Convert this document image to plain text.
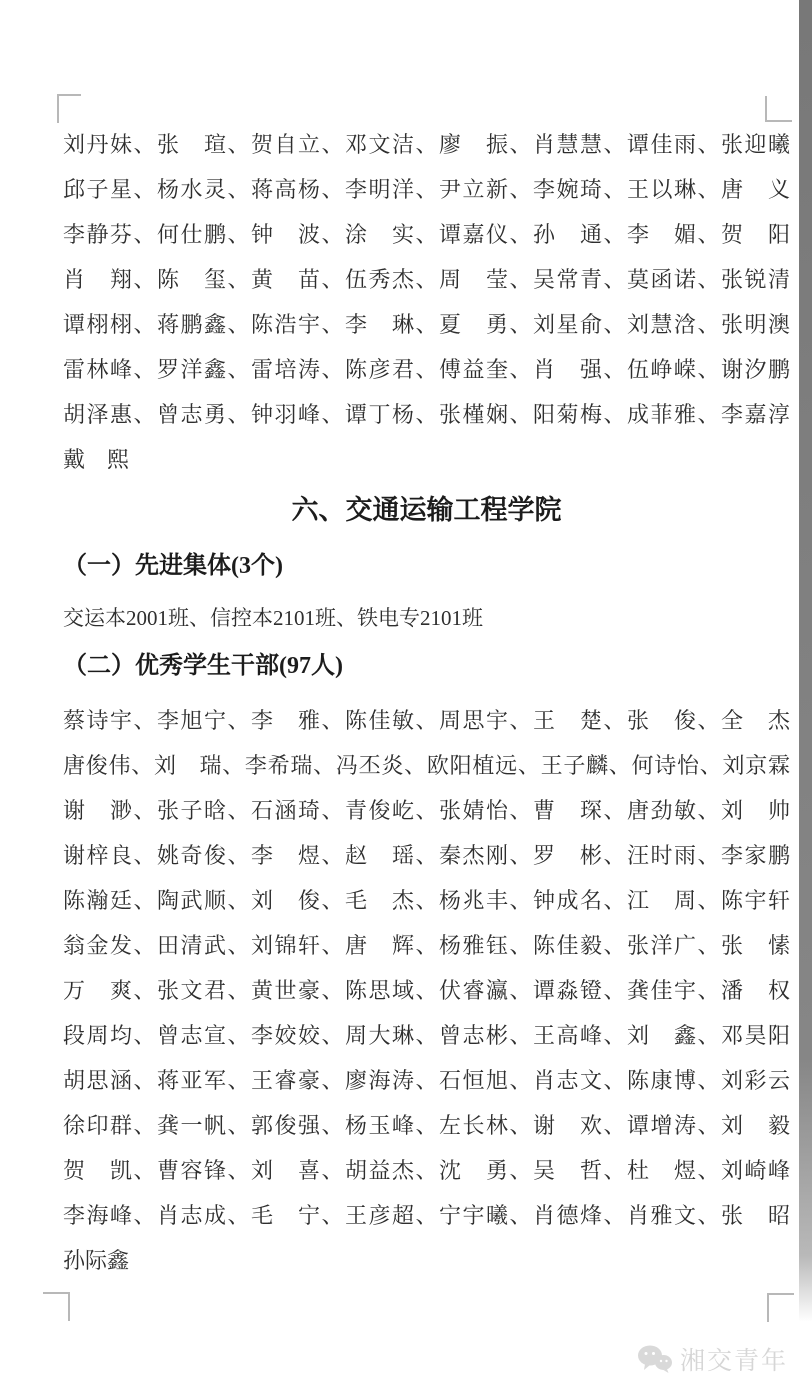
刘丹妹、张　瑄、贺自立、邓文洁、廖　振、肖慧慧、谭佳雨、张迎曦
邱子星、杨水灵、蒋高杨、李明洋、尹立新、李婉琦、王以琳、唐　义
李静芬、何仕鹏、钟　波、涂　实、谭嘉仪、孙　通、李　媚、贺　阳
肖　翔、陈　玺、黄　苗、伍秀杰、周　莹、吴常青、莫函诺、张锐清
谭栩栩、蒋鹏鑫、陈浩宇、李　琳、夏　勇、刘星俞、刘慧浛、张明澳
雷林峰、罗洋鑫、雷培涛、陈彦君、傅益奎、肖　强、伍峥嵘、谢汐鹏
胡泽惠、曾志勇、钟羽峰、谭丁杨、张槿娴、阳菊梅、成菲雅、李嘉淳
戴　熙
六、交通运输工程学院
（一）先进集体(3个)
交运本2001班、信控本2101班、铁电专2101班
（二）优秀学生干部(97人)
蔡诗宇、李旭宁、李　雅、陈佳敏、周思宇、王　楚、张　俊、全　杰
唐俊伟、刘　瑞、李希瑞、冯丕炎、欧阳植远、王子麟、何诗怡、刘京霖
谢　渺、张子晗、石涵琦、青俊屹、张婧怡、曹　琛、唐劲敏、刘　帅
谢梓良、姚奇俊、李　煜、赵　瑶、秦杰刚、罗　彬、汪时雨、李家鹏
陈瀚廷、陶武顺、刘　俊、毛　杰、杨兆丰、钟成名、江　周、陈宇轩
翁金发、田清武、刘锦轩、唐　辉、杨雅钰、陈佳毅、张洋广、张　愫
万　爽、张文君、黄世豪、陈思域、伏睿瀛、谭淼镫、龚佳宇、潘　权
段周均、曾志宣、李姣姣、周大琳、曾志彬、王高峰、刘　鑫、邓昊阳
胡思涵、蒋亚军、王睿豪、廖海涛、石恒旭、肖志文、陈康博、刘彩云
徐印群、龚一帆、郭俊强、杨玉峰、左长林、谢　欢、谭增涛、刘　毅
贺　凯、曹容锋、刘　喜、胡益杰、沈　勇、吴　哲、杜　煜、刘崎峰
李海峰、肖志成、毛　宁、王彦超、宁宇曦、肖德烽、肖雅文、张　昭
孙际鑫
湘交青年
